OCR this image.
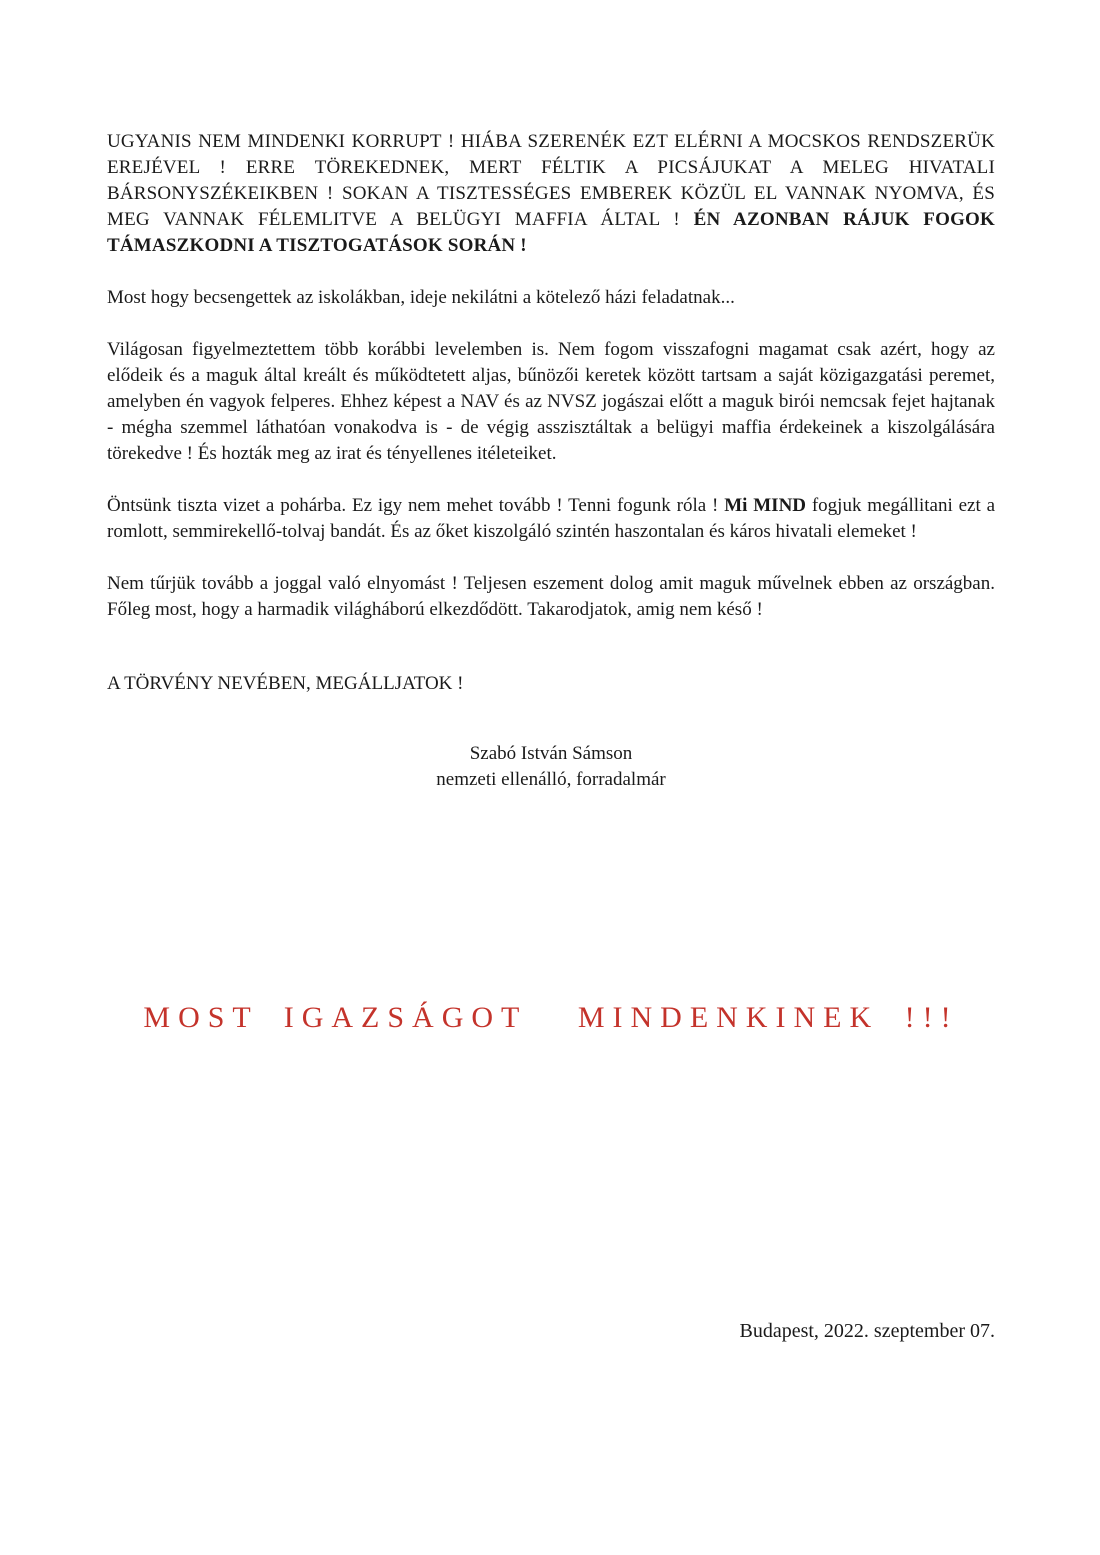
UGYANIS NEM MINDENKI KORRUPT ! HIÁBA SZERENÉK EZT ELÉRNI A MOCSKOS RENDSZERÜK EREJÉVEL ! ERRE TÖREKEDNEK, MERT FÉLTIK A PICSÁJUKAT A MELEG HIVATALI BÁRSONYSZÉKEIKBEN ! SOKAN A TISZTESSÉGES EMBEREK KÖZÜL EL VANNAK NYOMVA, ÉS MEG VANNAK FÉLEMLITVE A BELÜGYI MAFFIA ÁLTAL ! ÉN AZONBAN RÁJUK FOGOK TÁMASZKODNI A TISZTOGATÁSOK SORÁN !

Most hogy becsengettek az iskolákban, ideje nekilátni a kötelező házi feladatnak...

Világosan figyelmeztettem több korábbi levelemben is. Nem fogom visszafogni magamat csak azért, hogy az elődeik és a maguk által kreált és működtetett aljas, bűnözői keretek között tartsam a saját közigazgatási peremet, amelyben én vagyok felperes. Ehhez képest a NAV és az NVSZ jogászai előtt a maguk birói nemcsak fejet hajtanak - mégha szemmel láthatóan vonakodva is - de végig asszisztáltak a belügyi maffia érdekeinek a kiszolgálására törekedve ! És hozták meg az irat és tényellenes itéleteiket.

Öntsünk tiszta vizet a pohárba. Ez igy nem mehet tovább ! Tenni fogunk róla ! Mi MIND fogjuk megállitani ezt a romlott, semmirekellő-tolvaj bandát. És az őket kiszolgáló szintén haszontalan és káros hivatali elemeket !

Nem tűrjük tovább a joggal való elnyomást ! Teljesen eszement dolog amit maguk művelnek ebben az országban. Főleg most, hogy a harmadik világháború elkezdődött. Takarodjatok, amig nem késő !

A TÖRVÉNY NEVÉBEN, MEGÁLLJATOK !

Szabó István Sámson
nemzeti ellenálló, forradalmár
MOST IGAZSÁGOT  MINDENKINEK !!!
Budapest, 2022. szeptember 07.
